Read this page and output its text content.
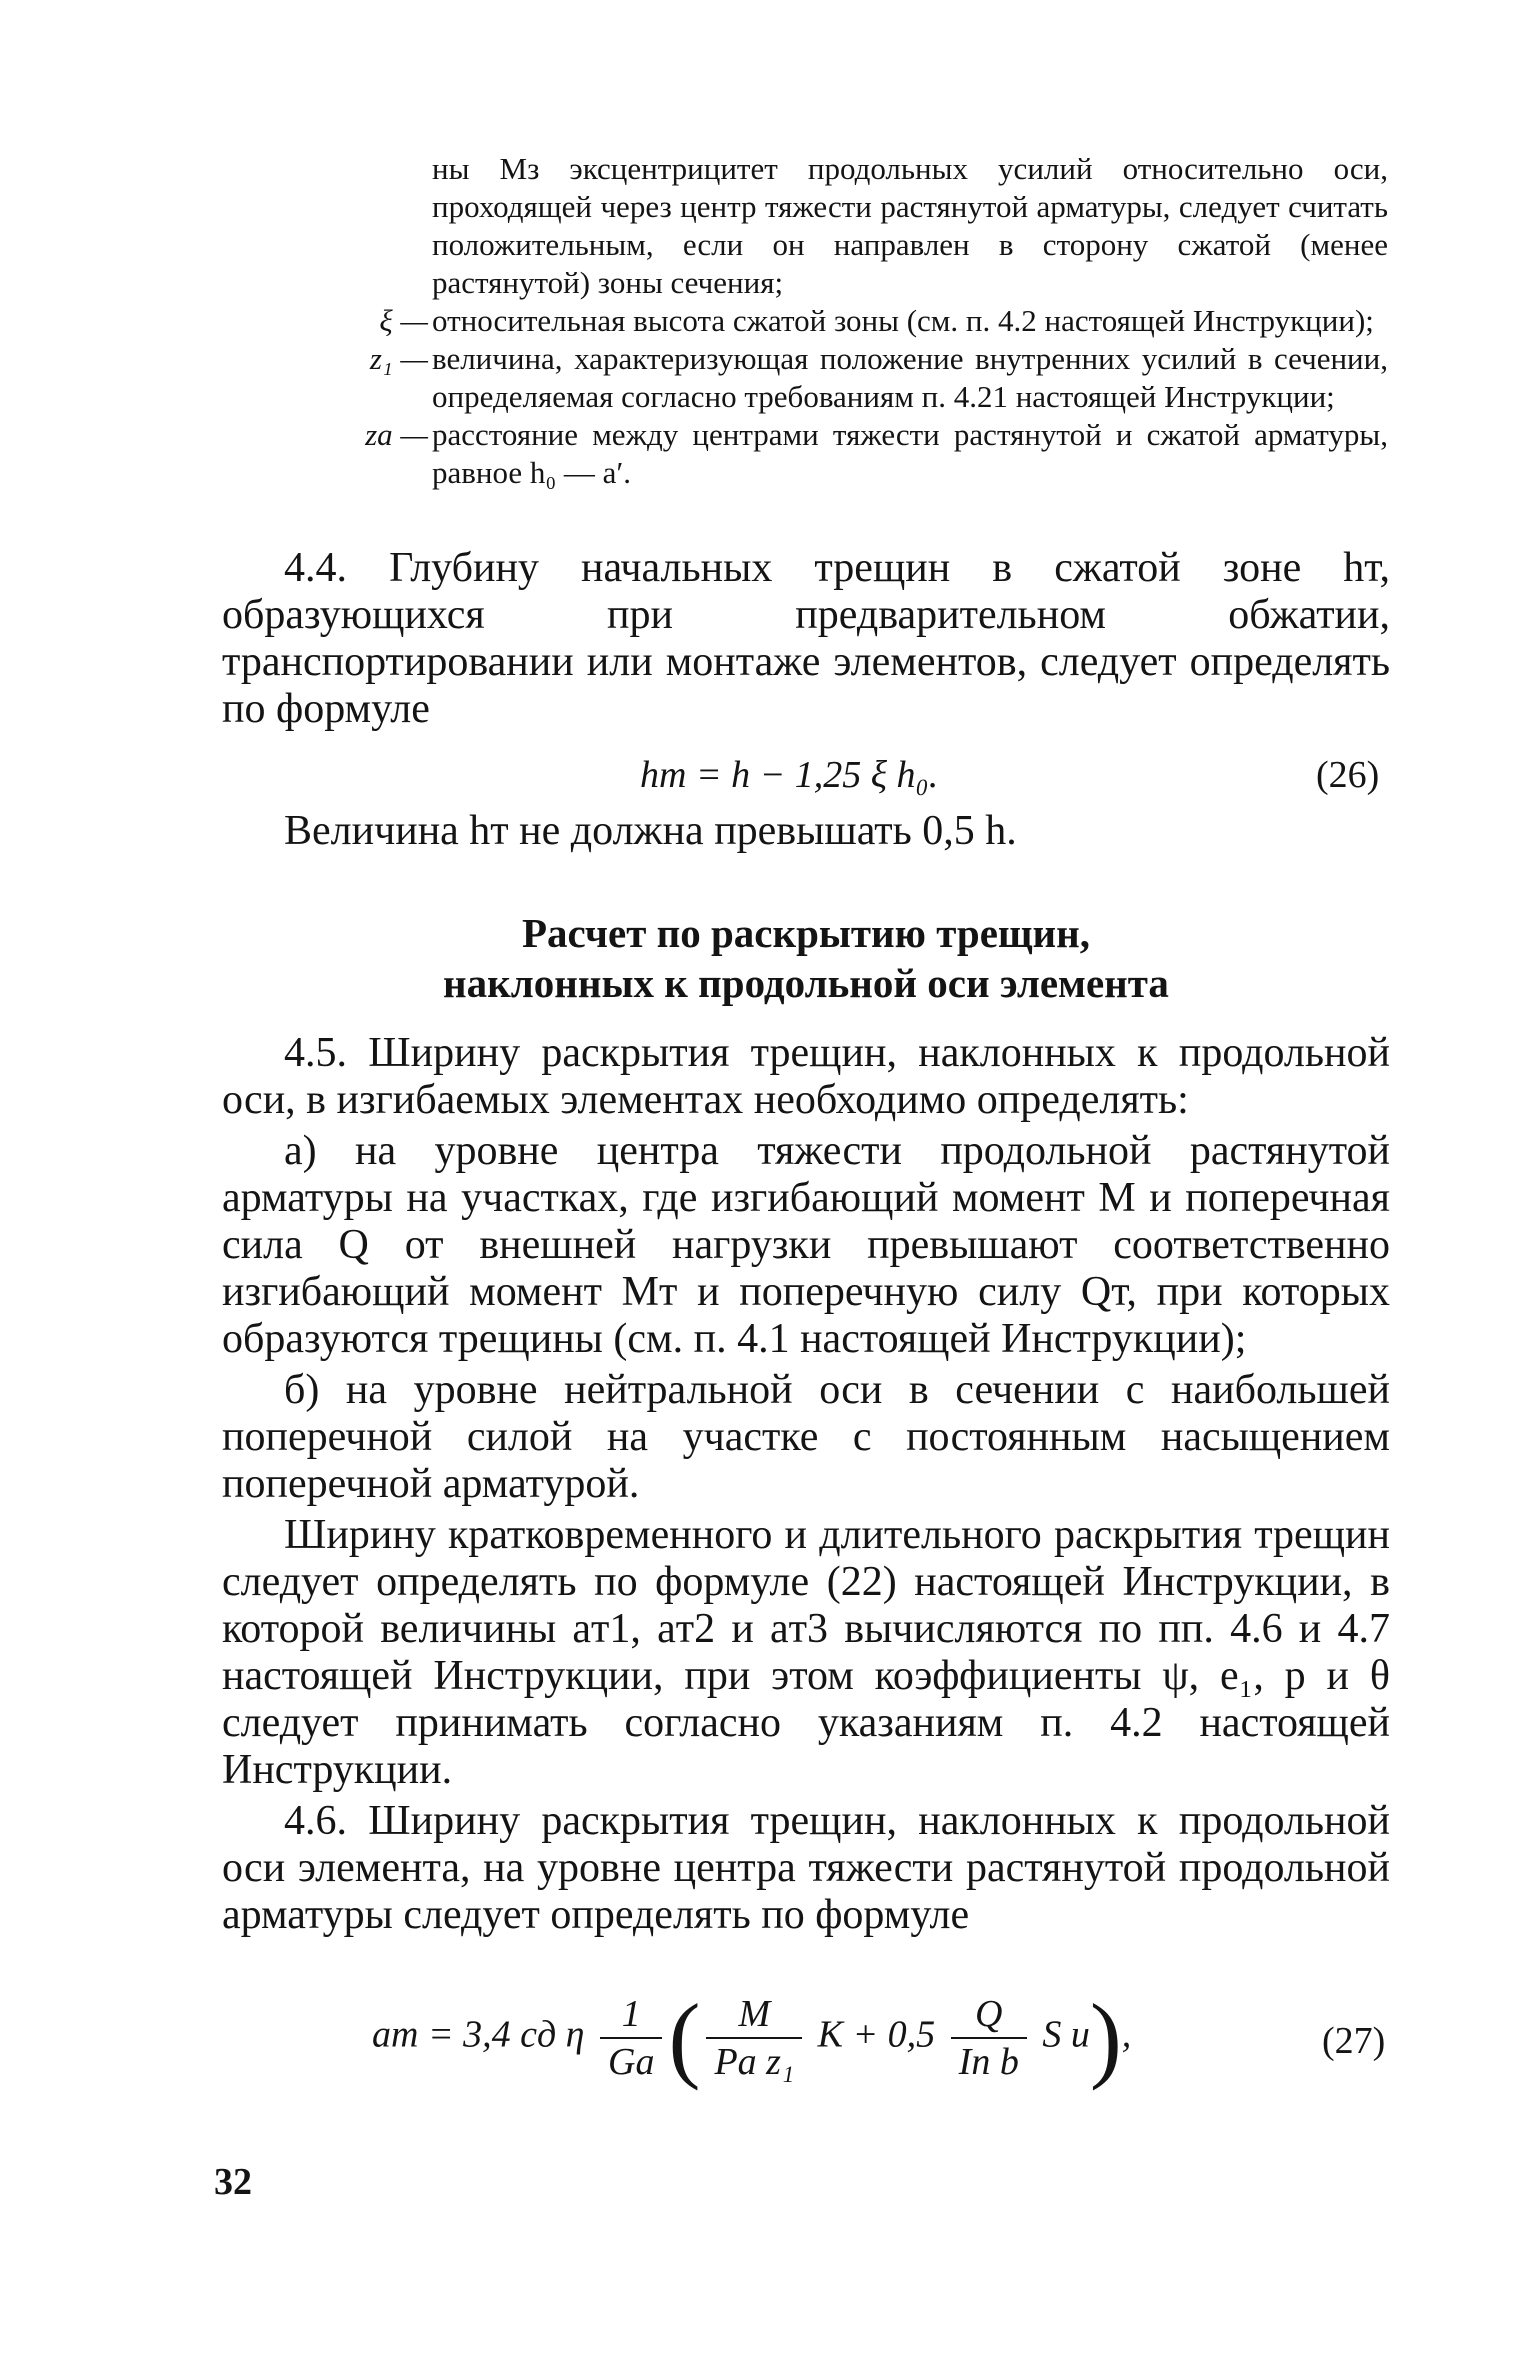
ны Mз эксцентрицитет продольных усилий относительно оси, проходящей через центр тяжести растянутой арматуры, следует считать положительным, если он направлен в сторону сжатой (менее растянутой) зоны сечения;
ξ — относительная высота сжатой зоны (см. п. 4.2 настоящей Инструкции);
z₁ — величина, характеризующая положение внутренних усилий в сечении, определяемая согласно требованиям п. 4.21 настоящей Инструкции;
zа — расстояние между центрами тяжести растянутой и сжатой арматуры, равное h₀ — a′.

4.4. Глубину начальных трещин в сжатой зоне hт, образующихся при предварительном обжатии, транспортировании или монтаже элементов, следует определять по формуле

hт = h − 1,25 ξ h₀.	(26)

Величина hт не должна превышать 0,5 h.

Расчет по раскрытию трещин,
наклонных к продольной оси элемента

4.5. Ширину раскрытия трещин, наклонных к продольной оси, в изгибаемых элементах необходимо определять:

а) на уровне центра тяжести продольной растянутой арматуры на участках, где изгибающий момент M и поперечная сила Q от внешней нагрузки превышают соответственно изгибающий момент Mт и поперечную силу Qт, при которых образуются трещины (см. п. 4.1 настоящей Инструкции);

б) на уровне нейтральной оси в сечении с наибольшей поперечной силой на участке с постоянным насыщением поперечной арматурой.

Ширину кратковременного и длительного раскрытия трещин следует определять по формуле (22) настоящей Инструкции, в которой величины aт1, aт2 и aт3 вычисляются по пп. 4.6 и 4.7 настоящей Инструкции, при этом коэффициенты ψ, e₁, p и θ следует принимать согласно указаниям п. 4.2 настоящей Инструкции.

4.6. Ширину раскрытия трещин, наклонных к продольной оси элемента, на уровне центра тяжести растянутой продольной арматуры следует определять по формуле

aт = 3,4 cд η $\frac{1}{Gа}$ ( $\frac{M}{\text{Pа z₁}}$ $K + 0,5 \frac{Q}{\text{Iп b}}$ S u),	(27)
32
